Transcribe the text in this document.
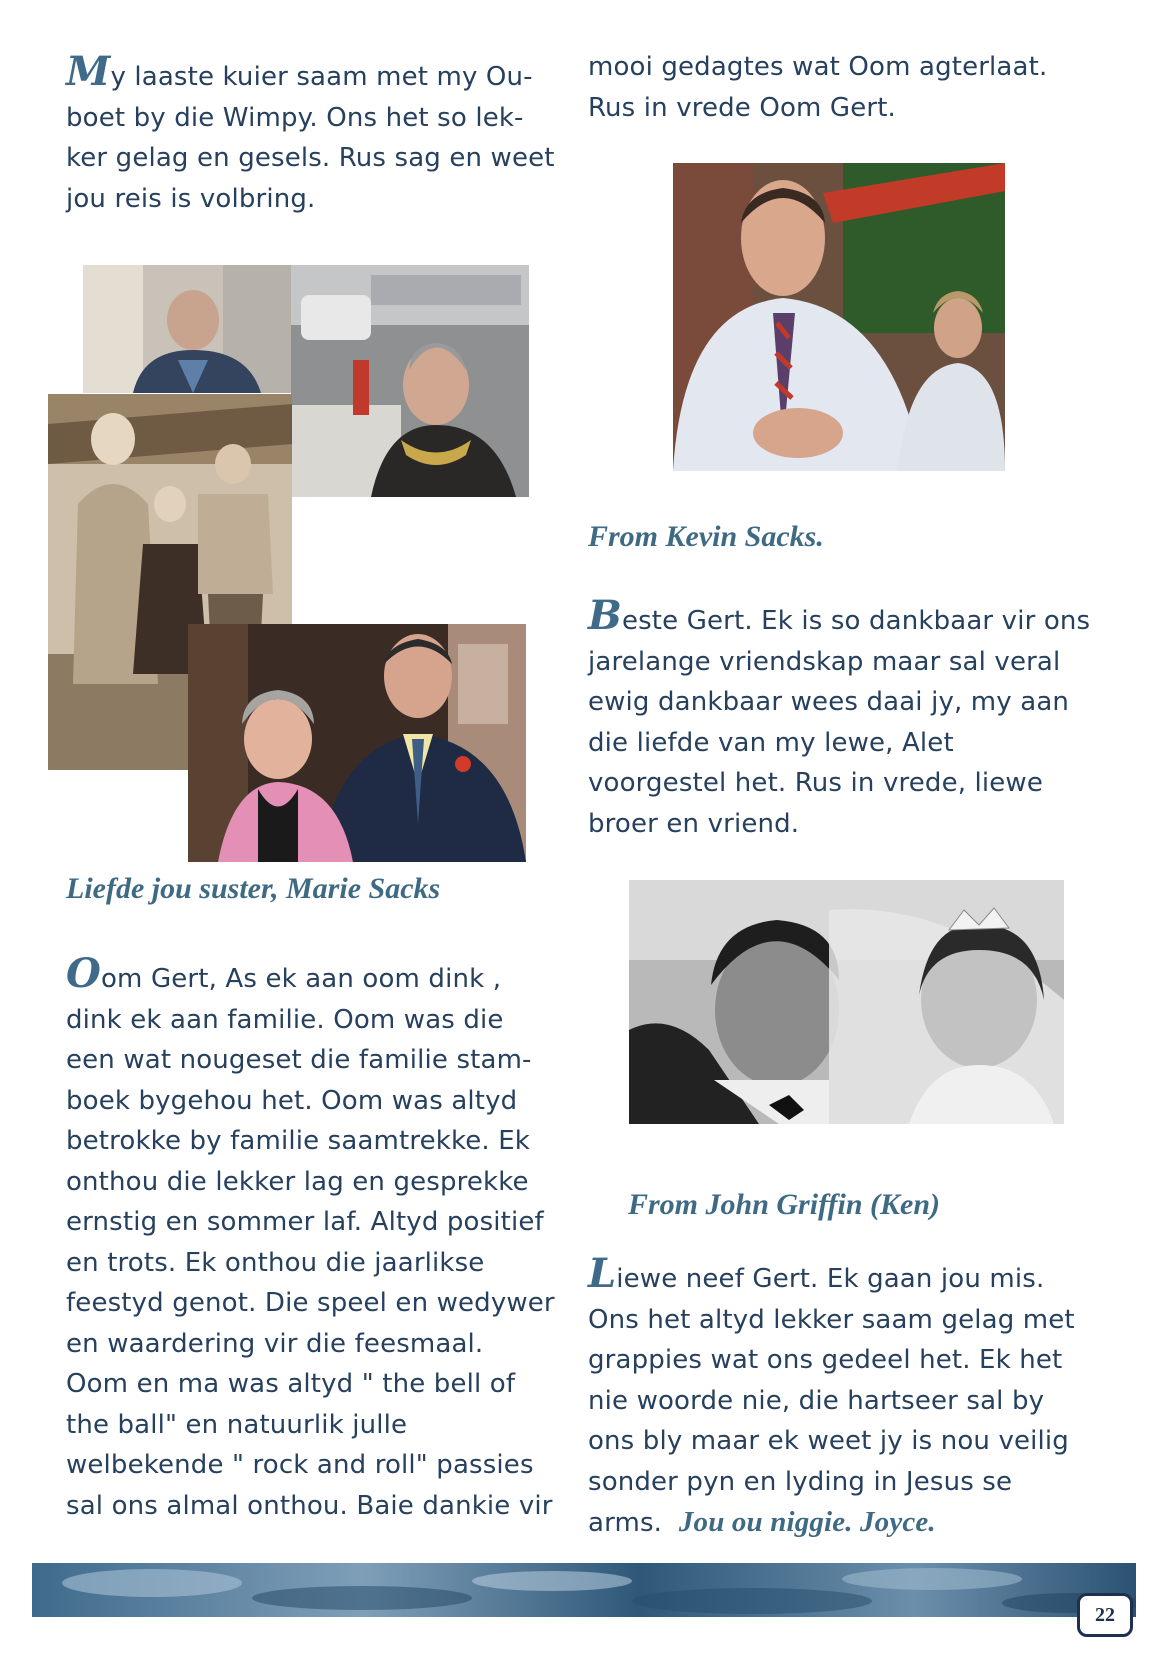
My laaste kuier saam met my Ou-
boet by die Wimpy. Ons het so lek-
ker gelag en gesels. Rus sag en weet
jou reis is volbring.

Liefde jou suster, Marie Sacks

Oom Gert, As ek aan oom dink ,
dink ek aan familie. Oom was die
een wat nougeset die familie stam-
boek bygehou het. Oom was altyd
betrokke by familie saamtrekke. Ek
onthou die lekker lag en gesprekke
ernstig en sommer laf. Altyd positief
en trots. Ek onthou die jaarlikse
feestyd genot. Die speel en wedywer
en waardering vir die feesmaal.
Oom en ma was altyd " the bell of
the ball" en natuurlik julle
welbekende " rock and roll" passies
sal ons almal onthou. Baie dankie vir

mooi gedagtes wat Oom agterlaat.
Rus in vrede Oom Gert.

From Kevin Sacks.

Beste Gert. Ek is so dankbaar vir ons
jarelange vriendskap maar sal veral
ewig dankbaar wees daai jy, my aan
die liefde van my lewe, Alet
voorgestel het. Rus in vrede, liewe
broer en vriend.

From John Griffin (Ken)

Liewe neef Gert. Ek gaan jou mis.
Ons het altyd lekker saam gelag met
grappies wat ons gedeel het. Ek het
nie woorde nie, die hartseer sal by
ons bly maar ek weet jy is nou veilig
sonder pyn en lyding in Jesus se
arms. Jou ou niggie. Joyce.

22
